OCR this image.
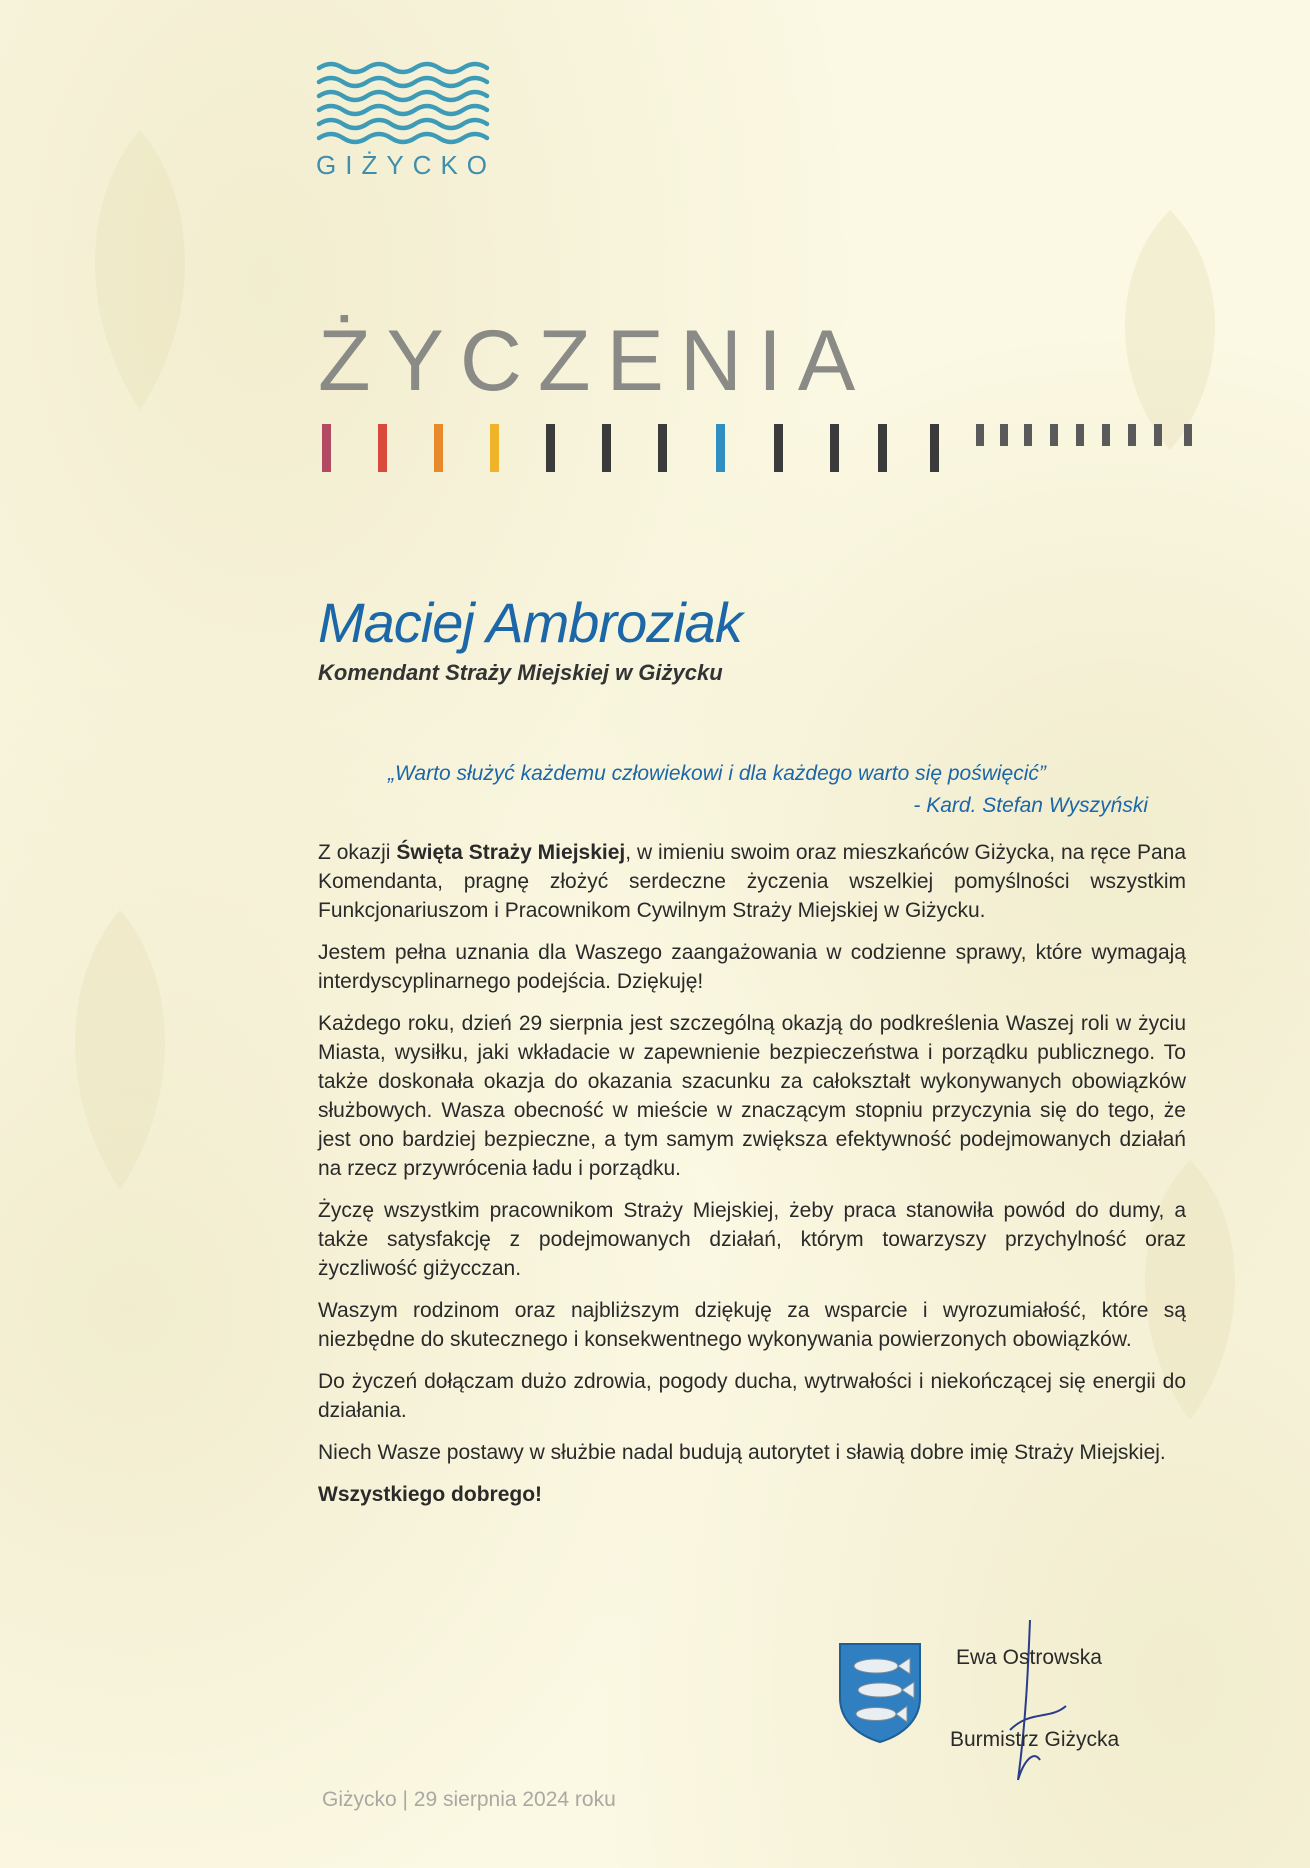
GIŻYCKO
ŻYCZENIA
Maciej Ambroziak
Komendant Straży Miejskiej w Giżycku
„Warto służyć każdemu człowiekowi i dla każdego warto się poświęcić”
- Kard. Stefan Wyszyński

Z okazji Święta Straży Miejskiej, w imieniu swoim oraz mieszkańców Giżycka, na ręce Pana Komendanta, pragnę złożyć serdeczne życzenia wszelkiej pomyślności wszystkim Funkcjonariuszom i Pracownikom Cywilnym Straży Miejskiej w Giżycku.

Jestem pełna uznania dla Waszego zaangażowania w codzienne sprawy, które wymagają interdyscyplinarnego podejścia. Dziękuję!

Każdego roku, dzień 29 sierpnia jest szczególną okazją do podkreślenia Waszej roli w życiu Miasta, wysiłku, jaki wkładacie w zapewnienie bezpieczeństwa i porządku publicznego. To także doskonała okazja do okazania szacunku za całokształt wykonywanych obowiązków służbowych. Wasza obecność w mieście w znaczącym stopniu przyczynia się do tego, że jest ono bardziej bezpieczne, a tym samym zwiększa efektywność podejmowanych działań na rzecz przywrócenia ładu i porządku.

Życzę wszystkim pracownikom Straży Miejskiej, żeby praca stanowiła powód do dumy, a także satysfakcję z podejmowanych działań, którym towarzyszy przychylność oraz życzliwość giżycczan.

Waszym rodzinom oraz najbliższym dziękuję za wsparcie i wyrozumiałość, które są niezbędne do skutecznego i konsekwentnego wykonywania powierzonych obowiązków.

Do życzeń dołączam dużo zdrowia, pogody ducha, wytrwałości i niekończącej się energii do działania.

Niech Wasze postawy w służbie nadal budują autorytet i sławią dobre imię Straży Miejskiej.

Wszystkiego dobrego!

Ewa Ostrowska
Burmistrz Giżycka
Giżycko | 29 sierpnia 2024 roku
